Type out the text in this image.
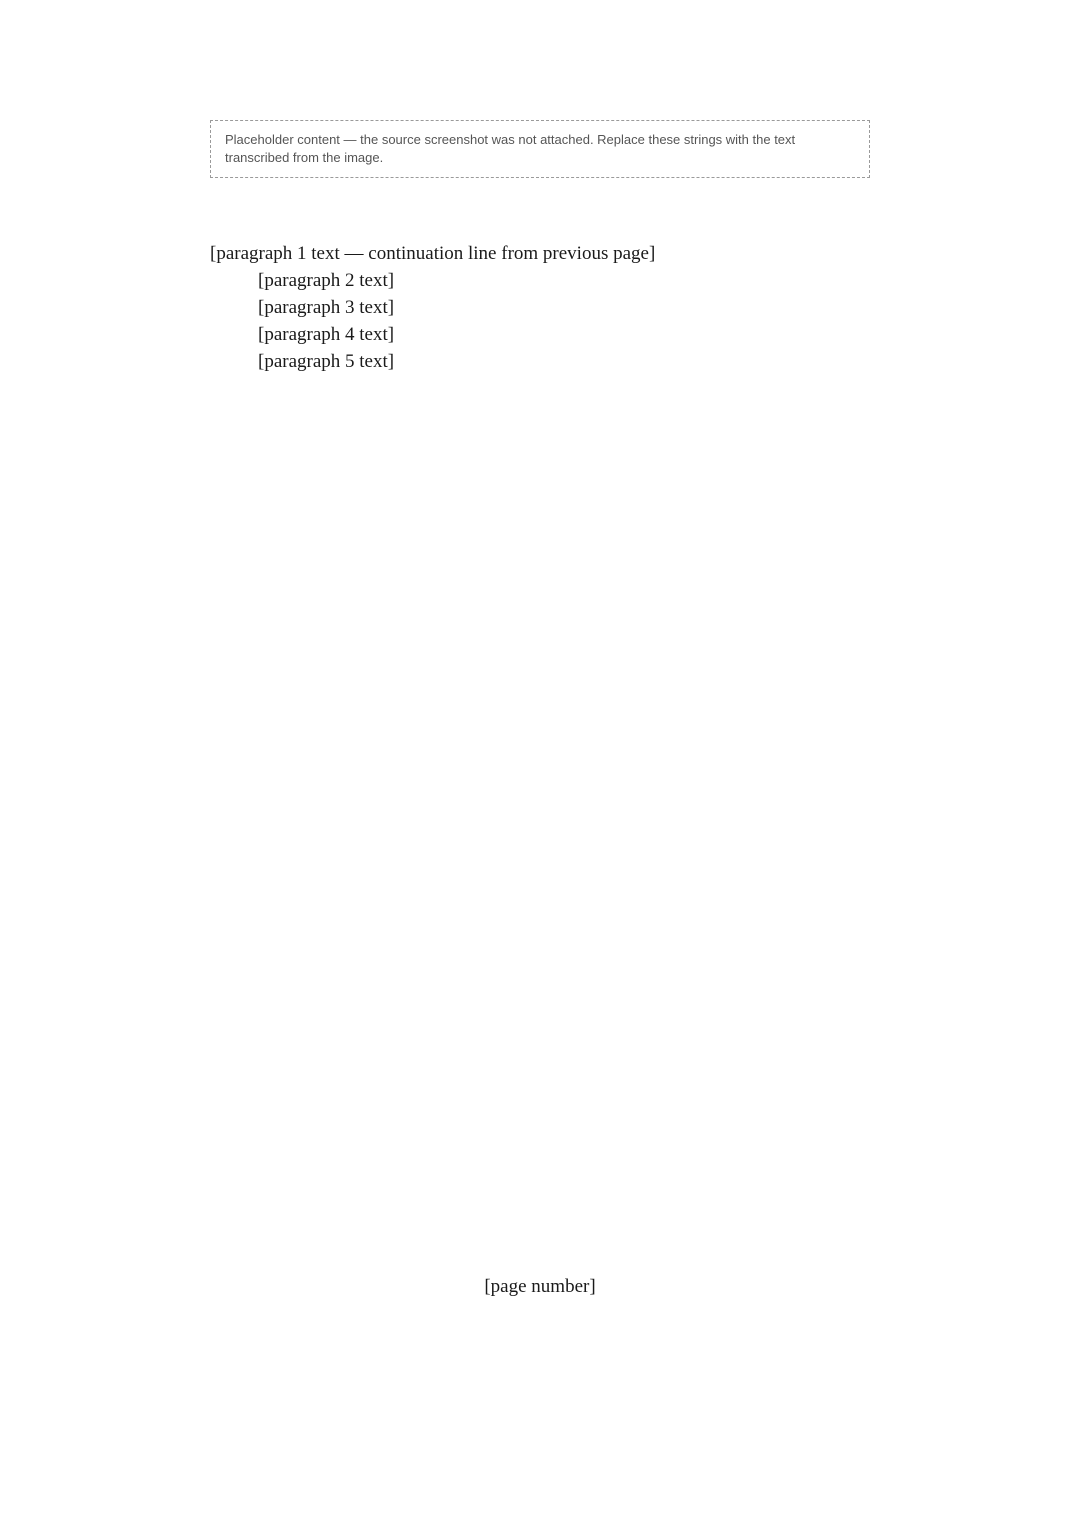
Placeholder content — the source screenshot was not attached. Replace these strings with the text transcribed from the image.

[paragraph 1 text — continuation line from previous page]

[paragraph 2 text]

[paragraph 3 text]

[paragraph 4 text]

[paragraph 5 text]

[page number]
